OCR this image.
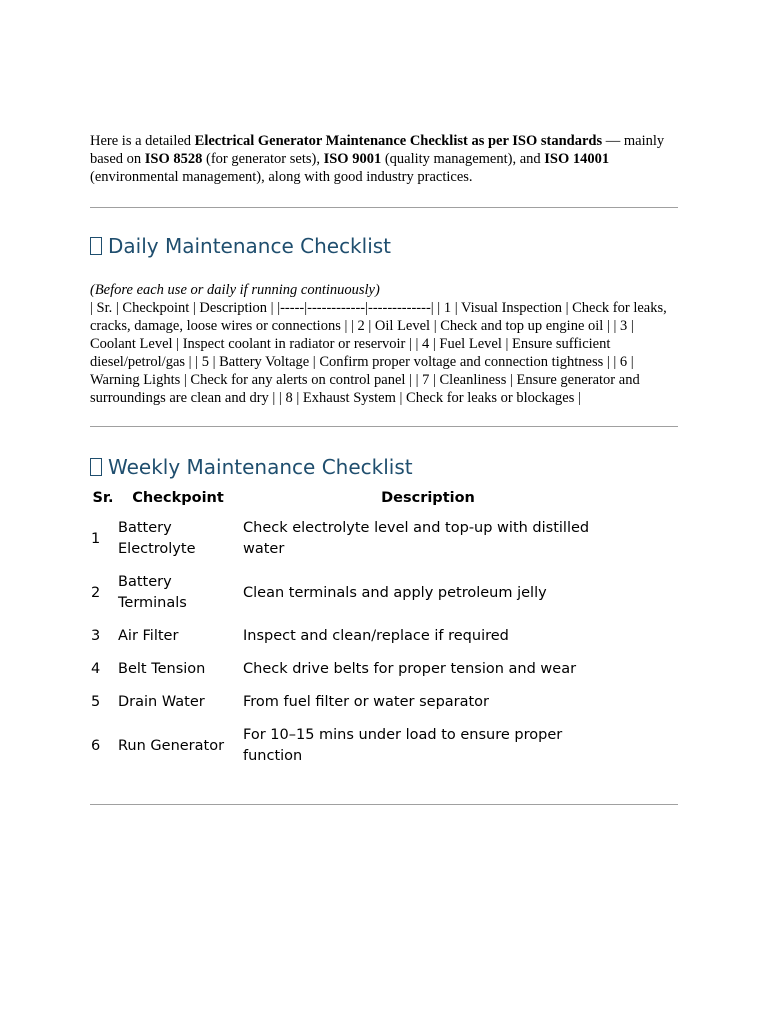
Here is a detailed Electrical Generator Maintenance Checklist as per ISO standards — mainly based on ISO 8528 (for generator sets), ISO 9001 (quality management), and ISO 14001 (environmental management), along with good industry practices.

Daily Maintenance Checklist
(Before each use or daily if running continuously)
| Sr. | Checkpoint | Description | |-----|------------|-------------| | 1 | Visual Inspection | Check for leaks, cracks, damage, loose wires or connections | | 2 | Oil Level | Check and top up engine oil | | 3 | Coolant Level | Inspect coolant in radiator or reservoir | | 4 | Fuel Level | Ensure sufficient diesel/petrol/gas | | 5 | Battery Voltage | Confirm proper voltage and connection tightness | | 6 | Warning Lights | Check for any alerts on control panel | | 7 | Cleanliness | Ensure generator and surroundings are clean and dry | | 8 | Exhaust System | Check for leaks or blockages |
Weekly Maintenance Checklist
Sr.	Checkpoint	Description
1	Battery Electrolyte	Check electrolyte level and top-up with distilled water
2	Battery Terminals	Clean terminals and apply petroleum jelly
3	Air Filter	Inspect and clean/replace if required
4	Belt Tension	Check drive belts for proper tension and wear
5	Drain Water	From fuel filter or water separator
6	Run Generator	For 10–15 mins under load to ensure proper function
